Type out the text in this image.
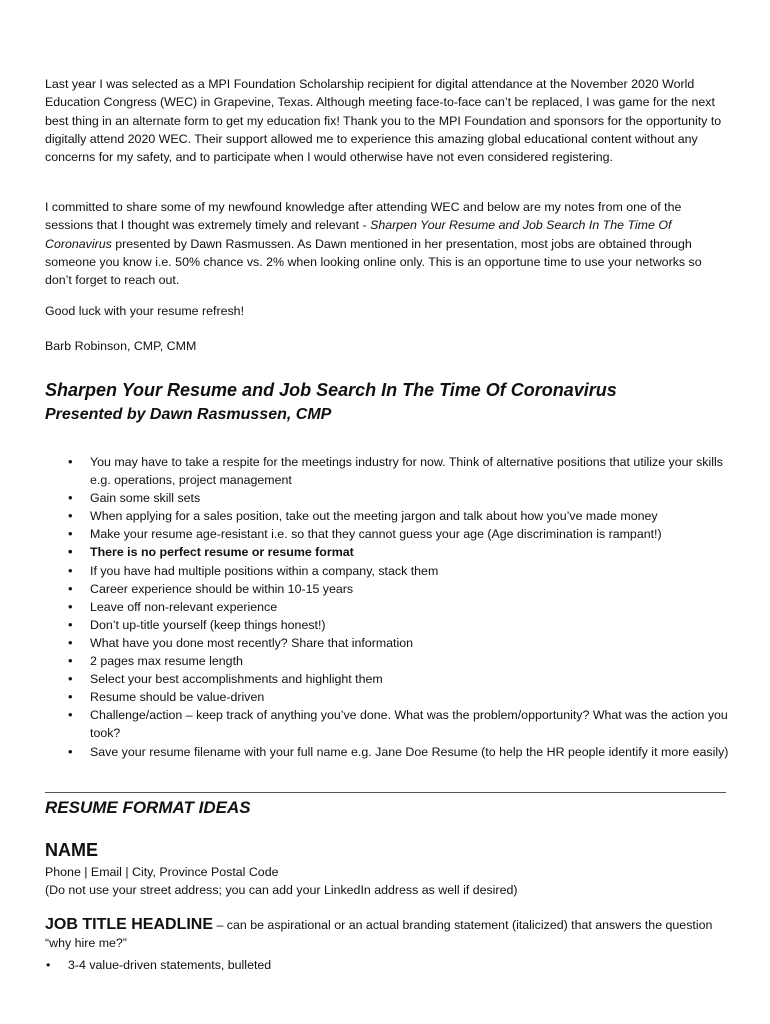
Last year I was selected as a MPI Foundation Scholarship recipient for digital attendance at the November 2020 World Education Congress (WEC) in Grapevine, Texas. Although meeting face-to-face can’t be replaced, I was game for the next best thing in an alternate form to get my education fix! Thank you to the MPI Foundation and sponsors for the opportunity to digitally attend 2020 WEC. Their support allowed me to experience this amazing global educational content without any concerns for my safety, and to participate when I would otherwise have not even considered registering.

I committed to share some of my newfound knowledge after attending WEC and below are my notes from one of the sessions that I thought was extremely timely and relevant - Sharpen Your Resume and Job Search In The Time Of Coronavirus presented by Dawn Rasmussen. As Dawn mentioned in her presentation, most jobs are obtained through someone you know i.e. 50% chance vs. 2% when looking online only. This is an opportune time to use your networks so don’t forget to reach out.

Good luck with your resume refresh!

Barb Robinson, CMP, CMM

Sharpen Your Resume and Job Search In The Time Of Coronavirus
Presented by Dawn Rasmussen, CMP
• You may have to take a respite for the meetings industry for now. Think of alternative positions that utilize your skills e.g. operations, project management
• Gain some skill sets
• When applying for a sales position, take out the meeting jargon and talk about how you’ve made money
• Make your resume age-resistant i.e. so that they cannot guess your age (Age discrimination is rampant!)
• There is no perfect resume or resume format
• If you have had multiple positions within a company, stack them
• Career experience should be within 10-15 years
• Leave off non-relevant experience
• Don’t up-title yourself (keep things honest!)
• What have you done most recently? Share that information
• 2 pages max resume length
• Select your best accomplishments and highlight them
• Resume should be value-driven
• Challenge/action – keep track of anything you’ve done. What was the problem/opportunity? What was the action you took?
• Save your resume filename with your full name e.g. Jane Doe Resume (to help the HR people identify it more easily)
RESUME FORMAT IDEAS
NAME

Phone | Email | City, Province Postal Code

(Do not use your street address; you can add your LinkedIn address as well if desired)

JOB TITLE HEADLINE – can be aspirational or an actual branding statement (italicized) that answers the question “why hire me?”

• 3-4 value-driven statements, bulleted
